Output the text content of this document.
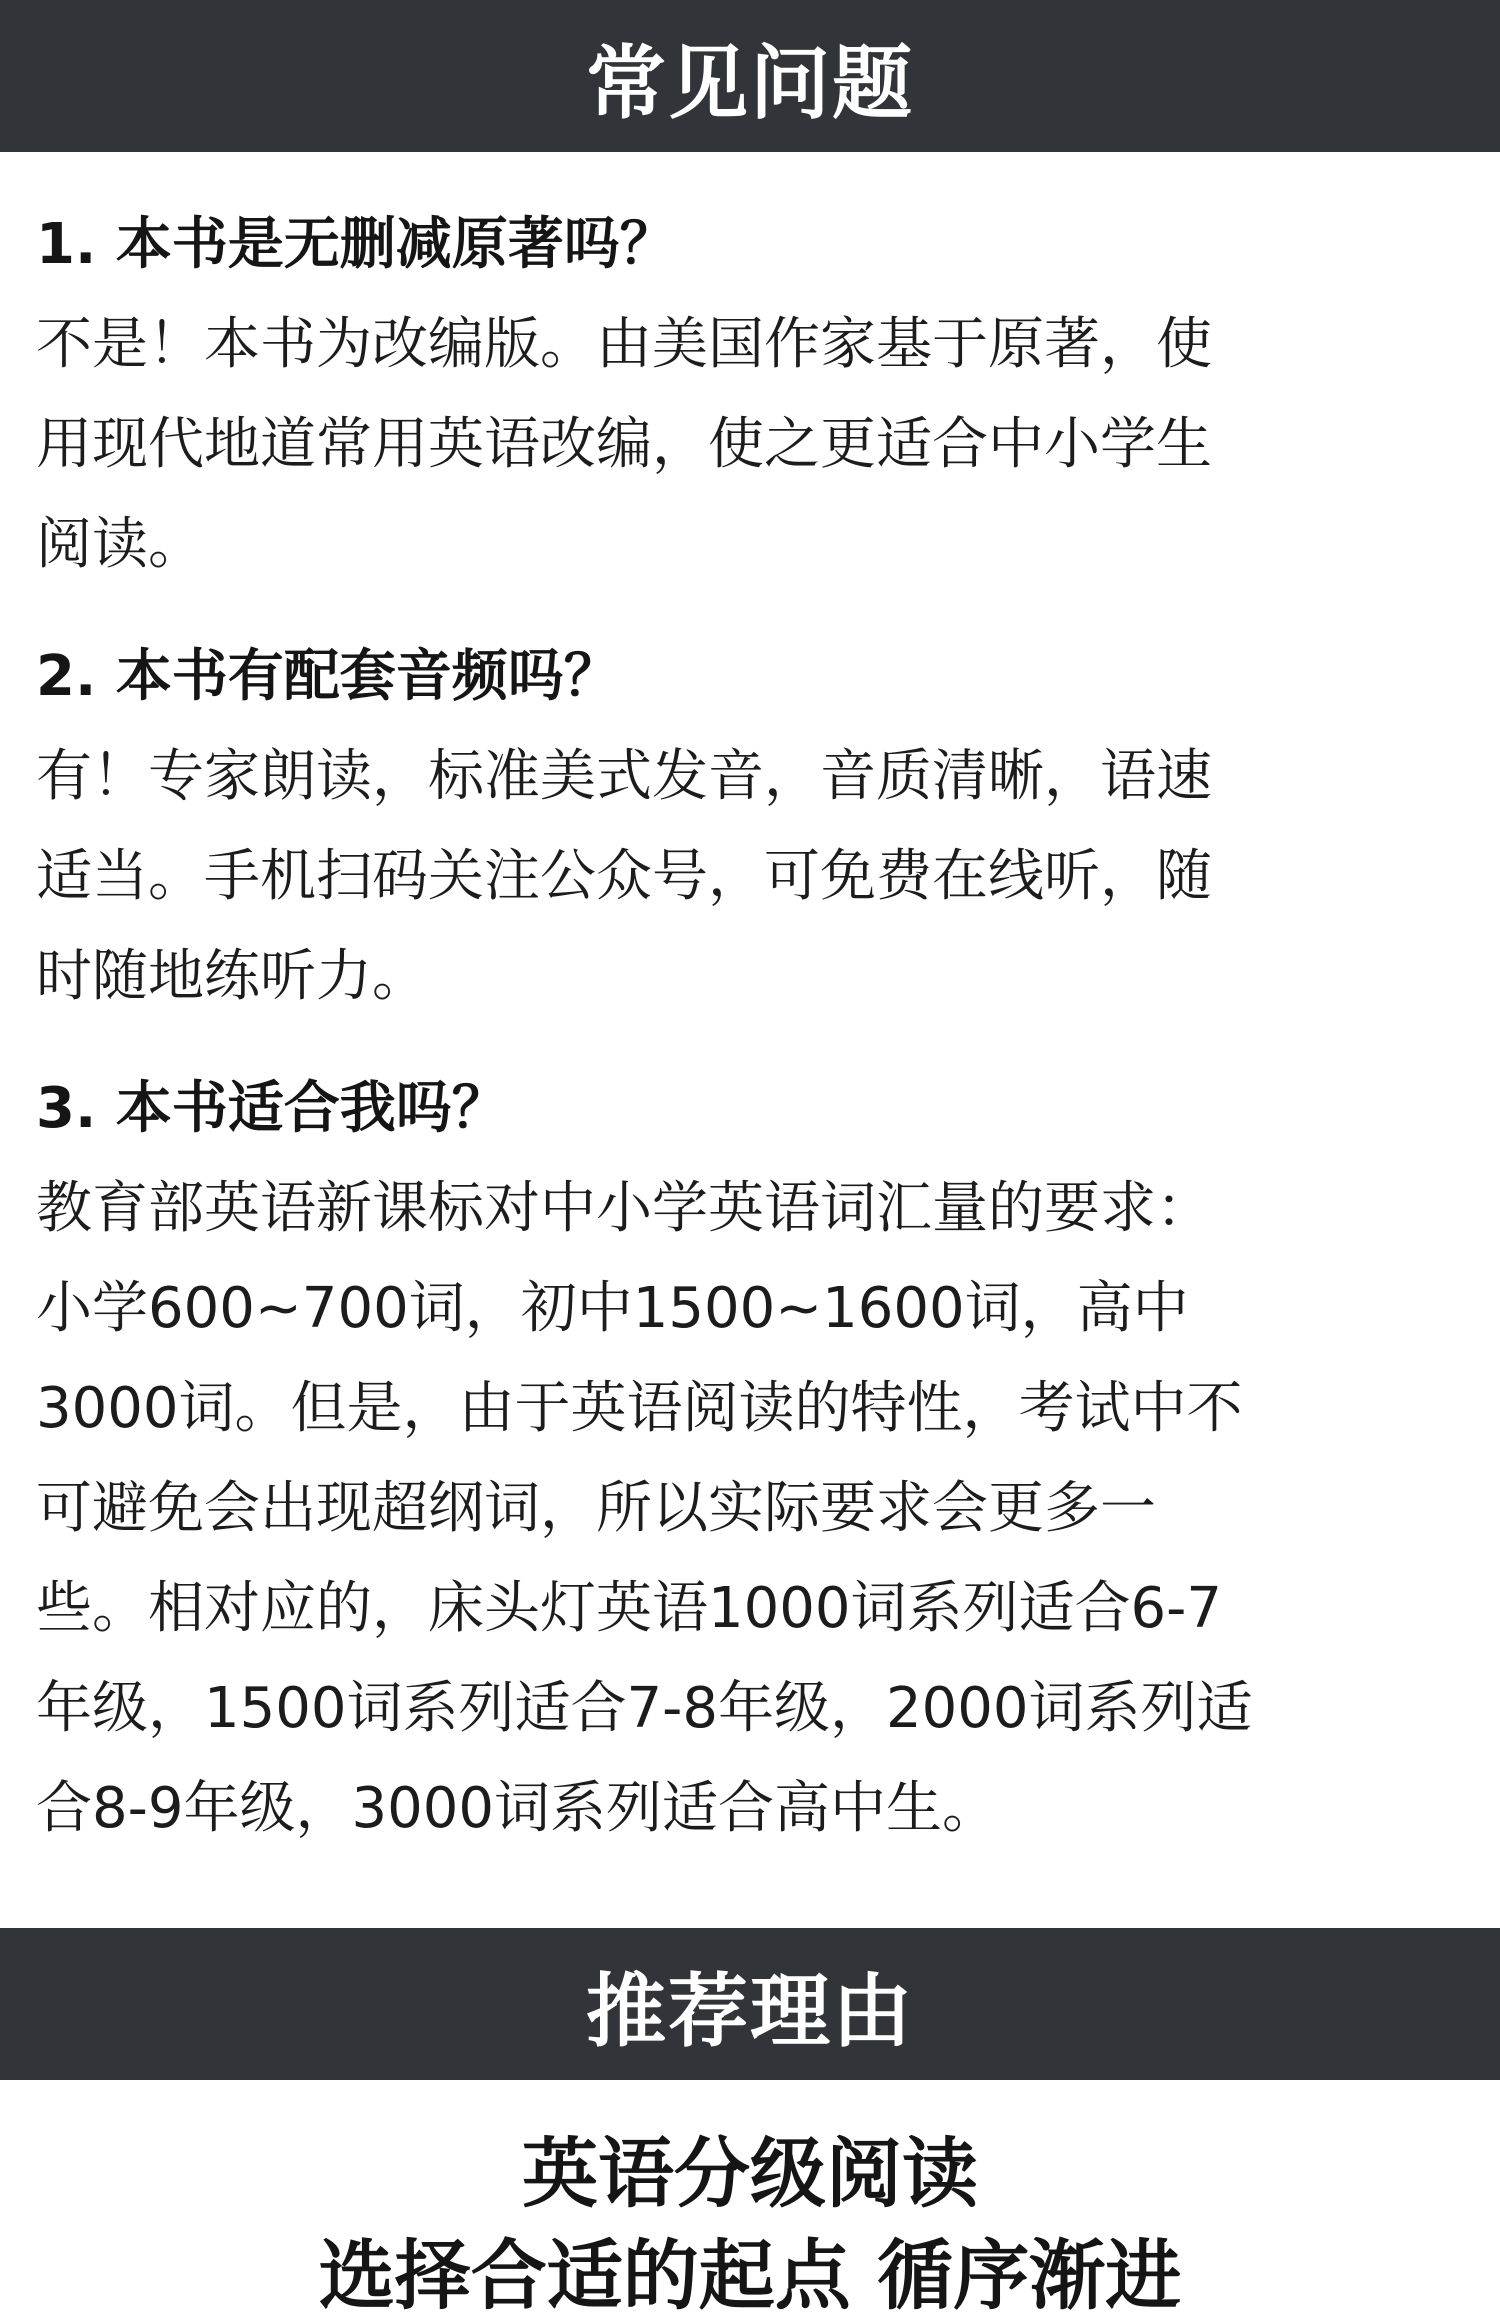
常见问题
1. 本书是无删减原著吗？

不是！本书为改编版。由美国作家基于原著，使
用现代地道常用英语改编，使之更适合中小学生
阅读。

2. 本书有配套音频吗？

有！专家朗读，标准美式发音，音质清晰，语速
适当。手机扫码关注公众号，可免费在线听，随
时随地练听力。

3. 本书适合我吗？

教育部英语新课标对中小学英语词汇量的要求：
小学600~700词，初中1500~1600词，高中
3000词。但是，由于英语阅读的特性，考试中不
可避免会出现超纲词，所以实际要求会更多一
些。相对应的，床头灯英语1000词系列适合6-7
年级，1500词系列适合7-8年级，2000词系列适
合8-9年级，3000词系列适合高中生。

推荐理由
英语分级阅读
选择合适的起点 循序渐进
